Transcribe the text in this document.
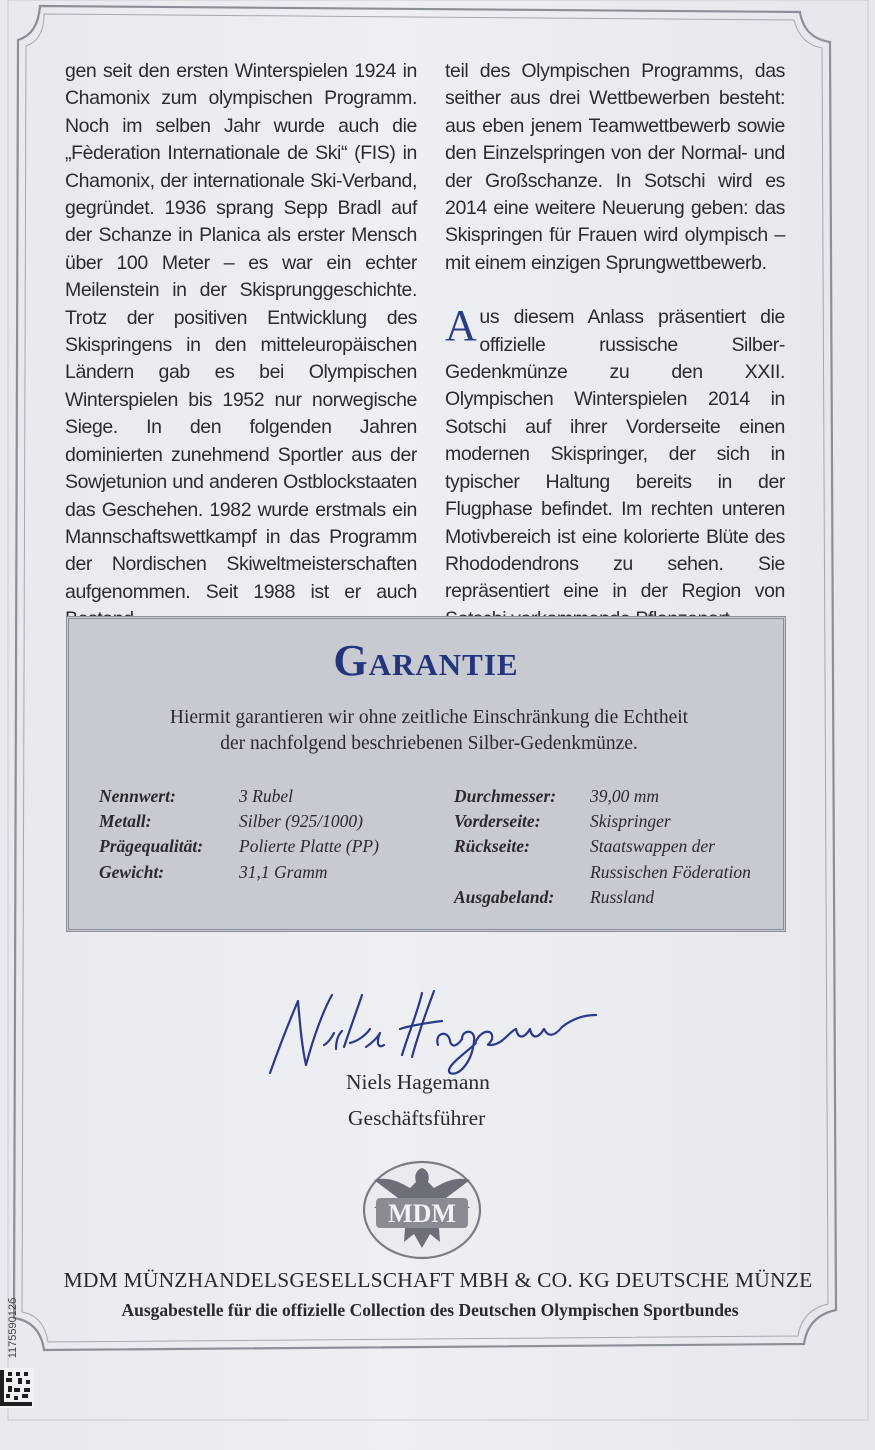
gen seit den ersten Winterspielen 1924 in Chamonix zum olympischen Programm. Noch im selben Jahr wurde auch die „Fèderation Internationale de Ski“ (FIS) in Chamonix, der internationale Ski-Verband, gegründet. 1936 sprang Sepp Bradl auf der Schanze in Planica als erster Mensch über 100 Meter – es war ein echter Meilenstein in der Skisprunggeschichte. Trotz der positiven Entwicklung des Skispringens in den mitteleuropäischen Ländern gab es bei Olympischen Winterspielen bis 1952 nur norwegische Siege. In den folgenden Jahren dominierten zunehmend Sportler aus der Sowjetunion und anderen Ostblockstaaten das Geschehen. 1982 wurde erstmals ein Mannschaftswettkampf in das Programm der Nordischen Skiweltmeisterschaften aufgenommen. Seit 1988 ist er auch

teil des Olympischen Programms, das seither aus drei Wettbewerben besteht: aus eben jenem Teamwettbewerb sowie den Einzelspringen von der Normal- und der Großschanze. In Sotschi wird es 2014 eine weitere Neuerung geben: das Skispringen für Frauen wird olympisch – mit einem einzigen Sprungwettbewerb.

Aus diesem Anlass präsentiert die offizielle russische Silber-Gedenkmünze zu den XXII. Olympischen Winterspielen 2014 in Sotschi auf ihrer Vorderseite einen modernen Skispringer, der sich in typischer Haltung bereits in der Flugphase befindet. Im rechten unteren Motivbereich ist eine kolorierte Blüte des Rhododendrons zu sehen. Sie repräsentiert eine in der Region von

Garantie
Hiermit garantieren wir ohne zeitliche Einschränkung die Echtheit
der nachfolgend beschriebenen Silber-Gedenkmünze.
Nennwert:	3 Rubel
Metall:	Silber (925/1000)
Prägequalität:	Polierte Platte (PP)
Gewicht:	31,1 Gramm
Durchmesser:	39,00 mm
Vorderseite:	Skispringer
Rückseite:	Staatswappen der Russischen Föderation
Ausgabeland:	Russland
Niels Hagemann
Geschäftsführer
MDM
MDM MÜNZHANDELSGESELLSCHAFT MBH & CO. KG DEUTSCHE MÜNZE
Ausgabestelle für die offizielle Collection des Deutschen Olympischen Sportbundes
117559012б
